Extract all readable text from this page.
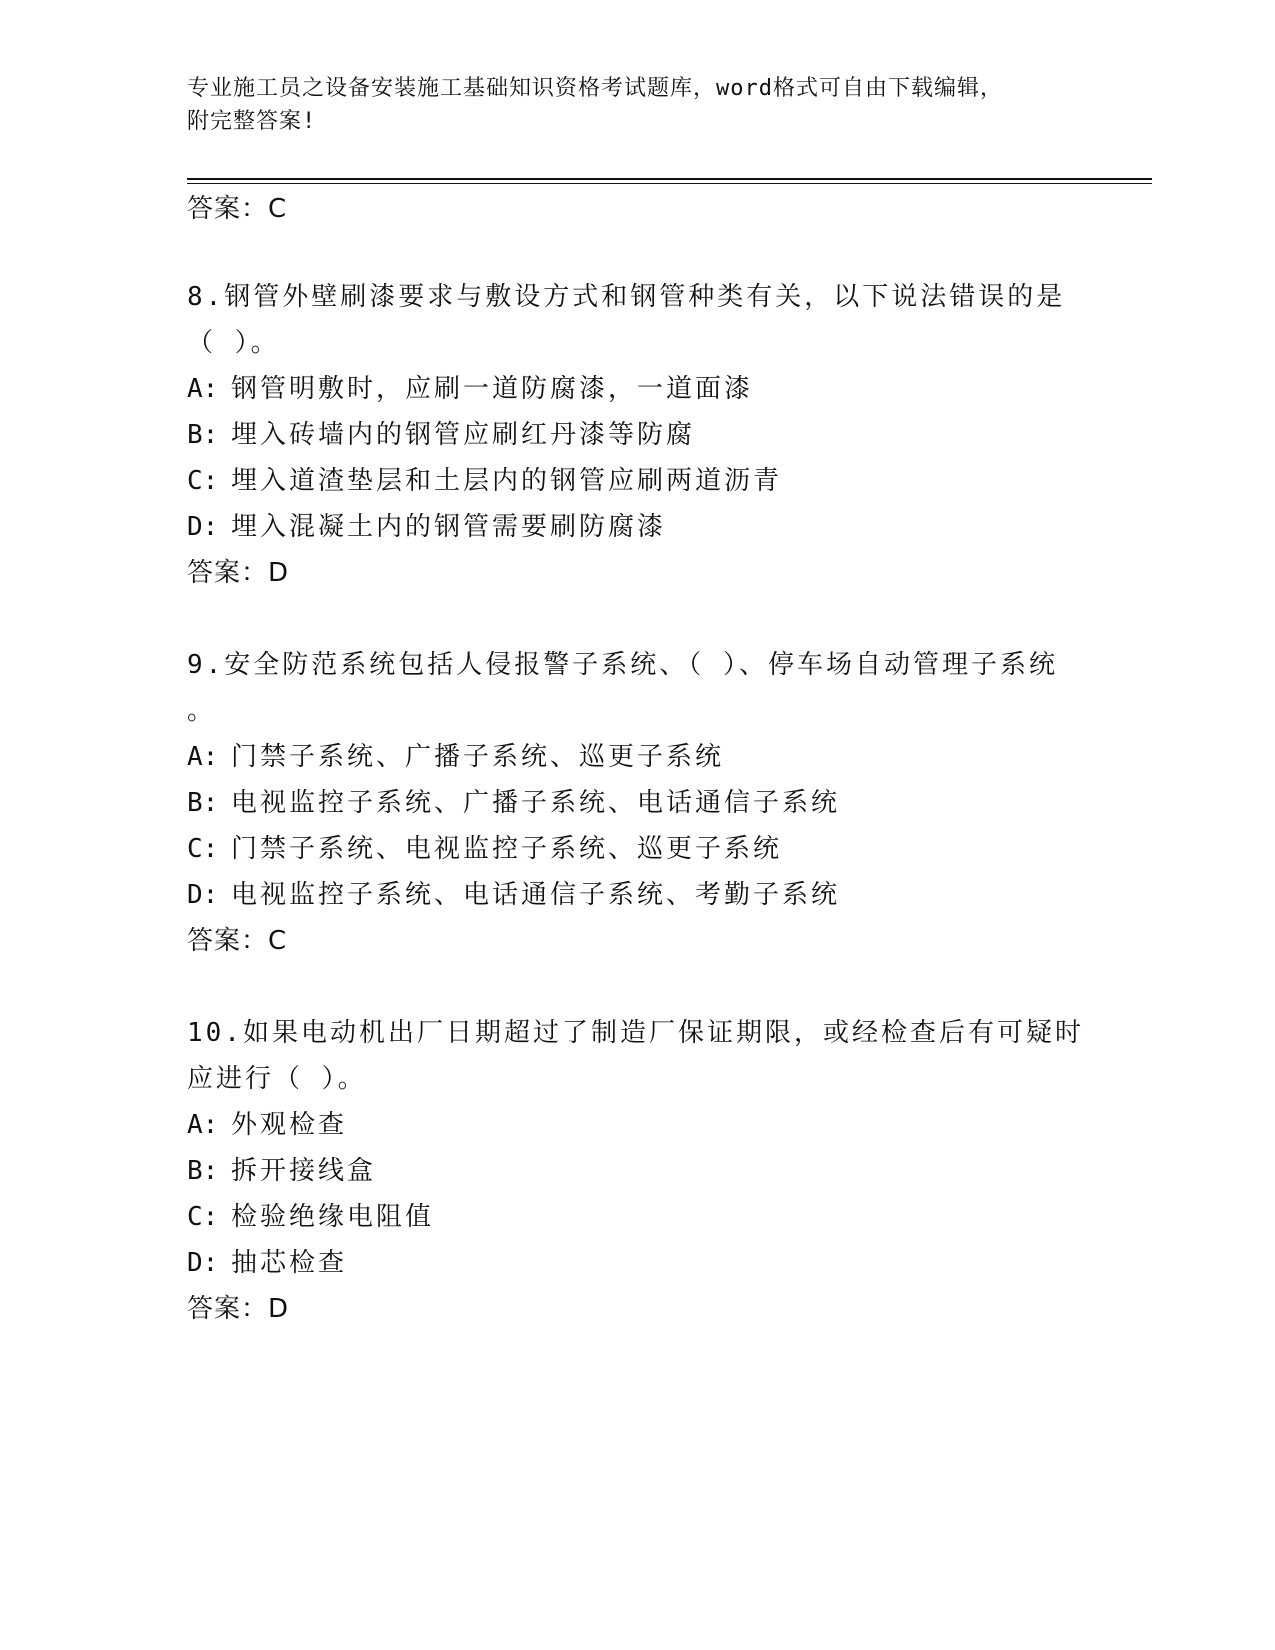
专业施工员之设备安装施工基础知识资格考试题库，word格式可自由下载编辑，
附完整答案!
答案：C
8.钢管外壁刷漆要求与敷设方式和钢管种类有关，以下说法错误的是
（ ）。
A: 钢管明敷时，应刷一道防腐漆，一道面漆
B: 埋入砖墙内的钢管应刷红丹漆等防腐
C: 埋入道渣垫层和土层内的钢管应刷两道沥青
D: 埋入混凝土内的钢管需要刷防腐漆
答案：D
9.安全防范系统包括人侵报警子系统、（ ）、停车场自动管理子系统
。
A: 门禁子系统、广播子系统、巡更子系统
B: 电视监控子系统、广播子系统、电话通信子系统
C: 门禁子系统、电视监控子系统、巡更子系统
D: 电视监控子系统、电话通信子系统、考勤子系统
答案：C
10.如果电动机出厂日期超过了制造厂保证期限，或经检查后有可疑时
应进行（ ）。
A: 外观检查
B: 拆开接线盒
C: 检验绝缘电阻值
D: 抽芯检查
答案：D
